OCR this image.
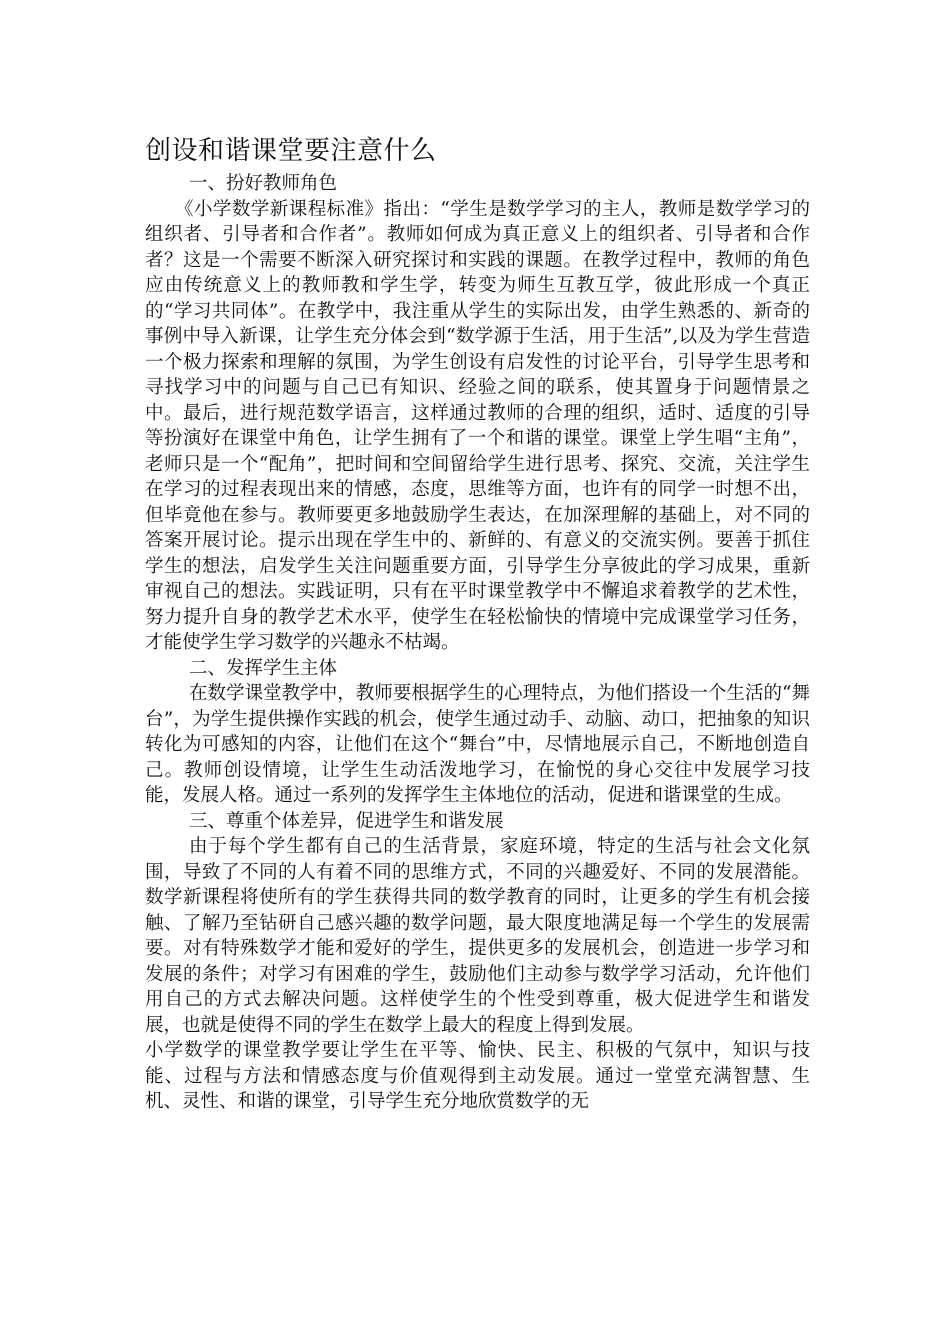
创设和谐课堂要注意什么
一、扮好教师角色

《小学数学新课程标准》指出：“学生是数学学习的主人，教师是数学学习的组织者、引导者和合作者”。教师如何成为真正意义上的组织者、引导者和合作者？这是一个需要不断深入研究探讨和实践的课题。在教学过程中，教师的角色应由传统意义上的教师教和学生学，转变为师生互教互学，彼此形成一个真正的“学习共同体”。在教学中，我注重从学生的实际出发，由学生熟悉的、新奇的事例中导入新课，让学生充分体会到“数学源于生活，用于生活”,以及为学生营造一个极力探索和理解的氛围，为学生创设有启发性的讨论平台，引导学生思考和寻找学习中的问题与自己已有知识、经验之间的联系，使其置身于问题情景之中。最后，进行规范数学语言，这样通过教师的合理的组织，适时、适度的引导等扮演好在课堂中角色，让学生拥有了一个和谐的课堂。课堂上学生唱“主角”， 老师只是一个“配角”，把时间和空间留给学生进行思考、探究、交流，关注学生在学习的过程表现出来的情感，态度，思维等方面，也许有的同学一时想不出，但毕竟他在参与。教师要更多地鼓励学生表达，在加深理解的基础上，对不同的答案开展讨论。提示出现在学生中的、新鲜的、有意义的交流实例。要善于抓住学生的想法，启发学生关注问题重要方面，引导学生分享彼此的学习成果，重新审视自己的想法。实践证明，只有在平时课堂教学中不懈追求着教学的艺术性，努力提升自身的教学艺术水平，使学生在轻松愉快的情境中完成课堂学习任务，才能使学生学习数学的兴趣永不枯竭。

二、发挥学生主体

在数学课堂教学中，教师要根据学生的心理特点，为他们搭设一个生活的“舞台”，为学生提供操作实践的机会，使学生通过动手、动脑、动口，把抽象的知识转化为可感知的内容，让他们在这个“舞台”中，尽情地展示自己，不断地创造自己。教师创设情境，让学生生动活泼地学习，在愉悦的身心交往中发展学习技能，发展人格。通过一系列的发挥学生主体地位的活动，促进和谐课堂的生成。

三、尊重个体差异，促进学生和谐发展

由于每个学生都有自己的生活背景，家庭环境，特定的生活与社会文化氛围，导致了不同的人有着不同的思维方式，不同的兴趣爱好、不同的发展潜能。数学新课程将使所有的学生获得共同的数学教育的同时，让更多的学生有机会接触、了解乃至钻研自己感兴趣的数学问题，最大限度地满足每一个学生的发展需要。对有特殊数学才能和爱好的学生，提供更多的发展机会，创造进一步学习和发展的条件；对学习有困难的学生，鼓励他们主动参与数学学习活动，允许他们用自己的方式去解决问题。这样使学生的个性受到尊重，极大促进学生和谐发展，也就是使得不同的学生在数学上最大的程度上得到发展。

小学数学的课堂教学要让学生在平等、愉快、民主、积极的气氛中，知识与技能、过程与方法和情感态度与价值观得到主动发展。通过一堂堂充满智慧、生机、灵性、和谐的课堂，引导学生充分地欣赏数学的无
